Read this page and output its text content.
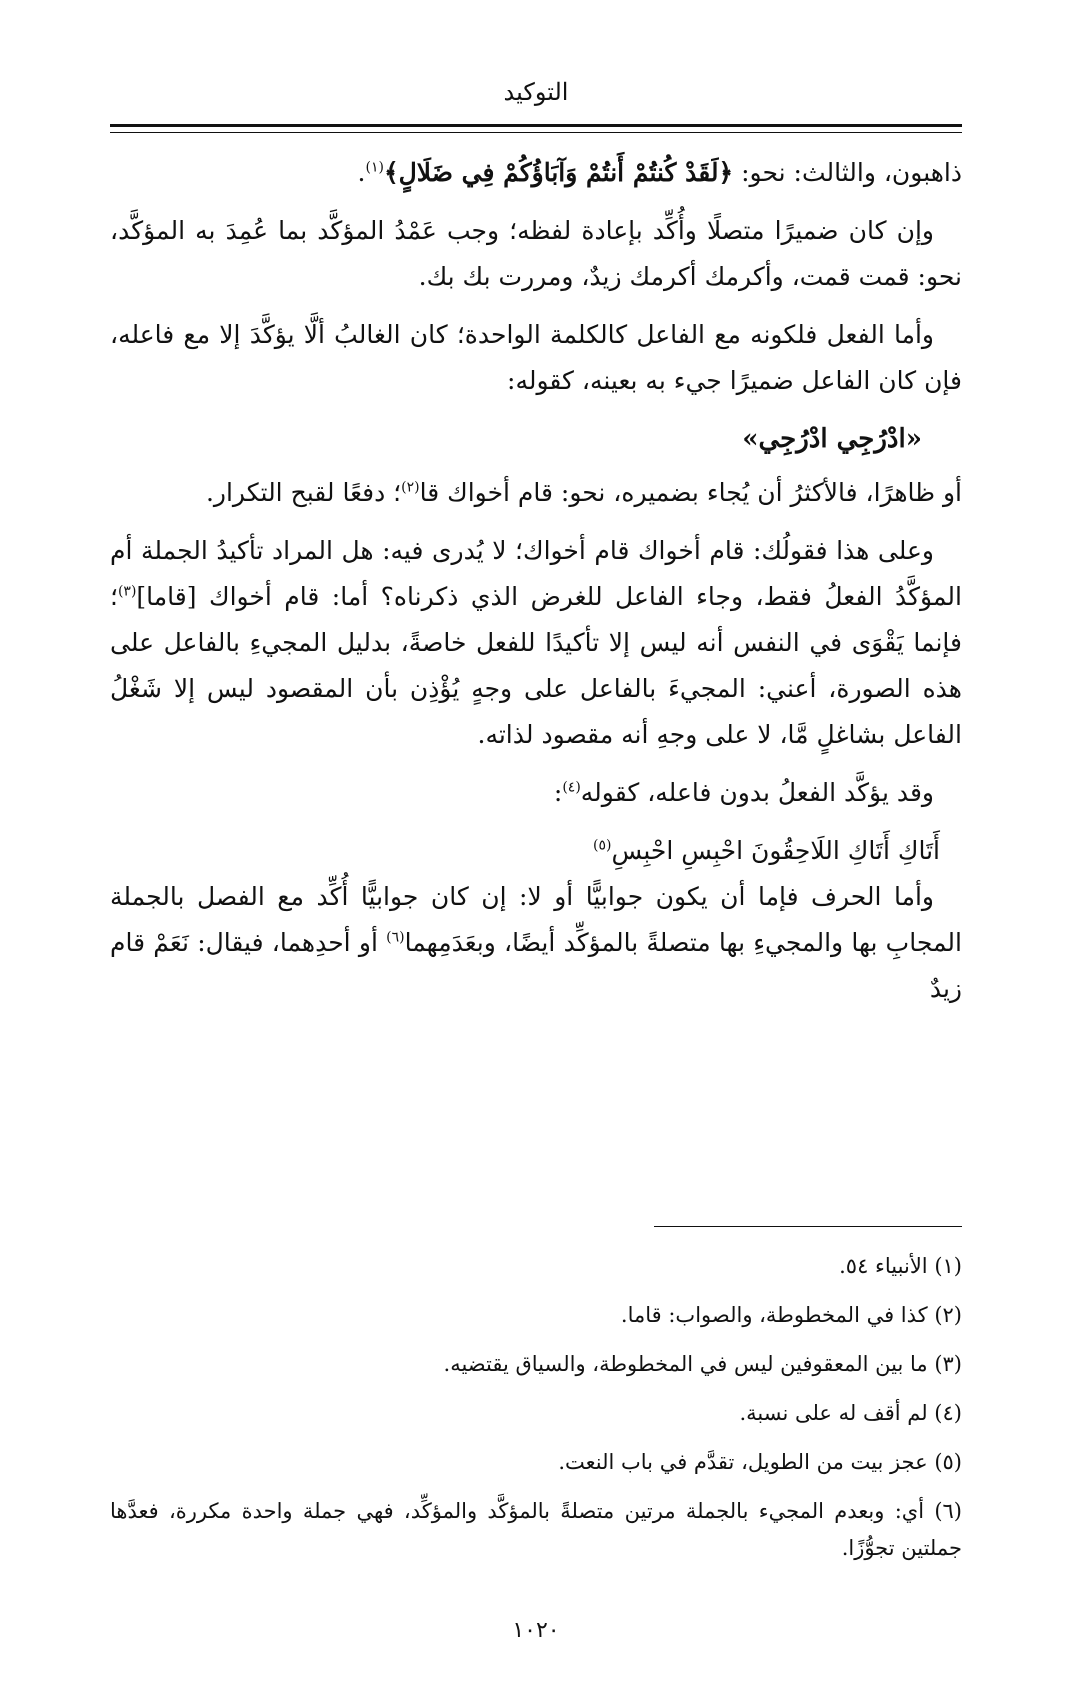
التوكيد

ذاهبون، والثالث: نحو: ﴿لَقَدْ كُنتُمْ أَنتُمْ وَآبَاؤُكُمْ فِي ضَلَالٍ﴾$^{(١)}$.

وإن كان ضميرًا متصلًا وأُكِّد بإعادة لفظه؛ وجب عَمْدُ المؤكَّد بما عُمِدَ به المؤكَّد، نحو: قمت قمت، وأكرمك أكرمك زيدٌ، ومررت بك بك.

وأما الفعل فلكونه مع الفاعل كالكلمة الواحدة؛ كان الغالبُ ألَّا يؤكَّدَ إلا مع فاعله، فإن كان الفاعل ضميرًا جيء به بعينه، كقوله:

«ادْرُجِي ادْرُجِي»

أو ظاهرًا، فالأكثرُ أن يُجاء بضميره، نحو: قام أخواك قا$^{(٢)}$؛ دفعًا لقبح التكرار.

وعلى هذا فقولُك: قام أخواك قام أخواك؛ لا يُدرى فيه: هل المراد تأكيدُ الجملة أم المؤكَّدُ الفعلُ فقط، وجاء الفاعل للغرض الذي ذكرناه؟ أما: قام أخواك [قاما]$^{(٣)}$؛ فإنما يَقْوَى في النفس أنه ليس إلا تأكيدًا للفعل خاصةً، بدليل المجيءِ بالفاعل على هذه الصورة، أعني: المجيءَ بالفاعل على وجهٍ يُؤْذِن بأن المقصود ليس إلا شَغْلُ الفاعل بشاغلٍ مَّا، لا على وجهِ أنه مقصود لذاته.

وقد يؤكَّد الفعلُ بدون فاعله، كقوله$^{(٤)}$:

أَتَاكِ أَتَاكِ اللَاحِقُونَ احْبِسِ احْبِسِ$^{(٥)}$

وأما الحرف فإما أن يكون جوابيًّا أو لا: إن كان جوابيًّا أُكِّد مع الفصل بالجملة المجابِ بها والمجيءِ بها متصلةً بالمؤكِّد أيضًا، وبعَدَمِهما$^{(٦)}$ أو أحدِهما، فيقال: نَعَمْ قام زيدٌ

(١) الأنبياء ٥٤.

(٢) كذا في المخطوطة، والصواب: قاما.

(٣) ما بين المعقوفين ليس في المخطوطة، والسياق يقتضيه.

(٤) لم أقف له على نسبة.

(٥) عجز بيت من الطويل، تقدَّم في باب النعت.

(٦) أي: وبعدم المجيء بالجملة مرتين متصلةً بالمؤكَّد والمؤكِّد، فهي جملة واحدة مكررة، فعدَّها جملتين تجوُّزًا.

١٠٢٠
